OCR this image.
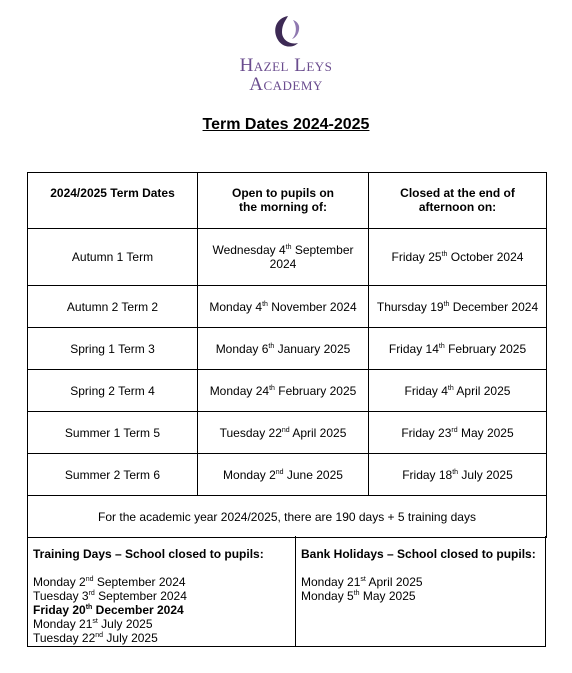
Hazel Leys
Academy
Term Dates 2024-2025
2024/2025 Term Dates	Open to pupils on the morning of:	Closed at the end of afternoon on:
Autumn 1 Term	Wednesday 4th September 2024	Friday 25th October 2024
Autumn 2 Term 2	Monday 4th November 2024	Thursday 19th December 2024
Spring 1 Term 3	Monday 6th January 2025	Friday 14th February 2025
Spring 2 Term 4	Monday 24th February 2025	Friday 4th April 2025
Summer 1 Term 5	Tuesday 22nd April 2025	Friday 23rd May 2025
Summer 2 Term 6	Monday 2nd June 2025	Friday 18th July 2025
For the academic year 2024/2025, there are 190 days + 5 training days		
Training Days – School closed to pupils:
Monday 2nd September 2024
Tuesday 3rd September 2024
Friday 20th December 2024
Monday 21st July 2025
Tuesday 22nd July 2025
Bank Holidays – School closed to pupils:
Monday 21st April 2025
Monday 5th May 2025
